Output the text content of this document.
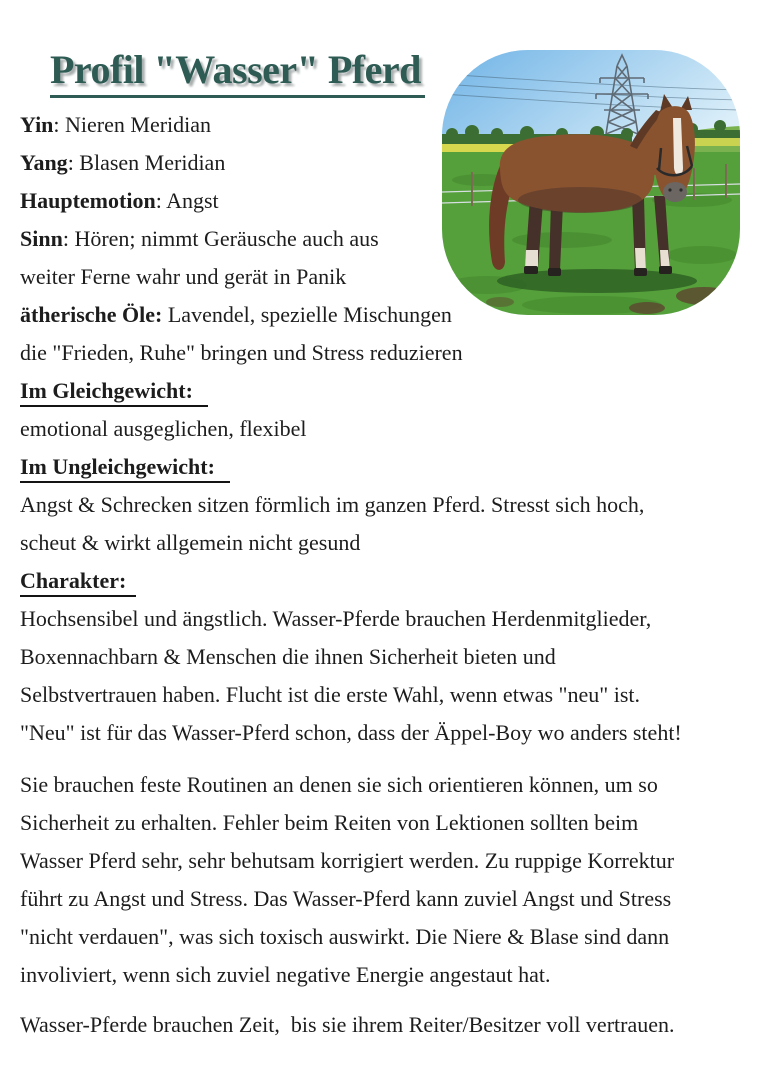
Profil "Wasser" Pferd
Yin: Nieren Meridian
Yang: Blasen Meridian
Hauptemotion: Angst
Sinn: Hören; nimmt Geräusche auch aus
weiter Ferne wahr und gerät in Panik
ätherische Öle: Lavendel, spezielle Mischungen
die "Frieden, Ruhe" bringen und Stress reduzieren
Im Gleichgewicht:
emotional ausgeglichen, flexibel
Im Ungleichgewicht:
Angst & Schrecken sitzen förmlich im ganzen Pferd. Stresst sich hoch,
scheut & wirkt allgemein nicht gesund
Charakter:
Hochsensibel und ängstlich. Wasser-Pferde brauchen Herdenmitglieder,
Boxennachbarn & Menschen die ihnen Sicherheit bieten und
Selbstvertrauen haben. Flucht ist die erste Wahl, wenn etwas "neu" ist.
"Neu" ist für das Wasser-Pferd schon, dass der Äppel-Boy wo anders steht!
Sie brauchen feste Routinen an denen sie sich orientieren können, um so
Sicherheit zu erhalten. Fehler beim Reiten von Lektionen sollten beim
Wasser Pferd sehr, sehr behutsam korrigiert werden. Zu ruppige Korrektur
führt zu Angst und Stress. Das Wasser-Pferd kann zuviel Angst und Stress
"nicht verdauen", was sich toxisch auswirkt. Die Niere & Blase sind dann
involiviert, wenn sich zuviel negative Energie angestaut hat.
Wasser-Pferde brauchen Zeit,  bis sie ihrem Reiter/Besitzer voll vertrauen.
